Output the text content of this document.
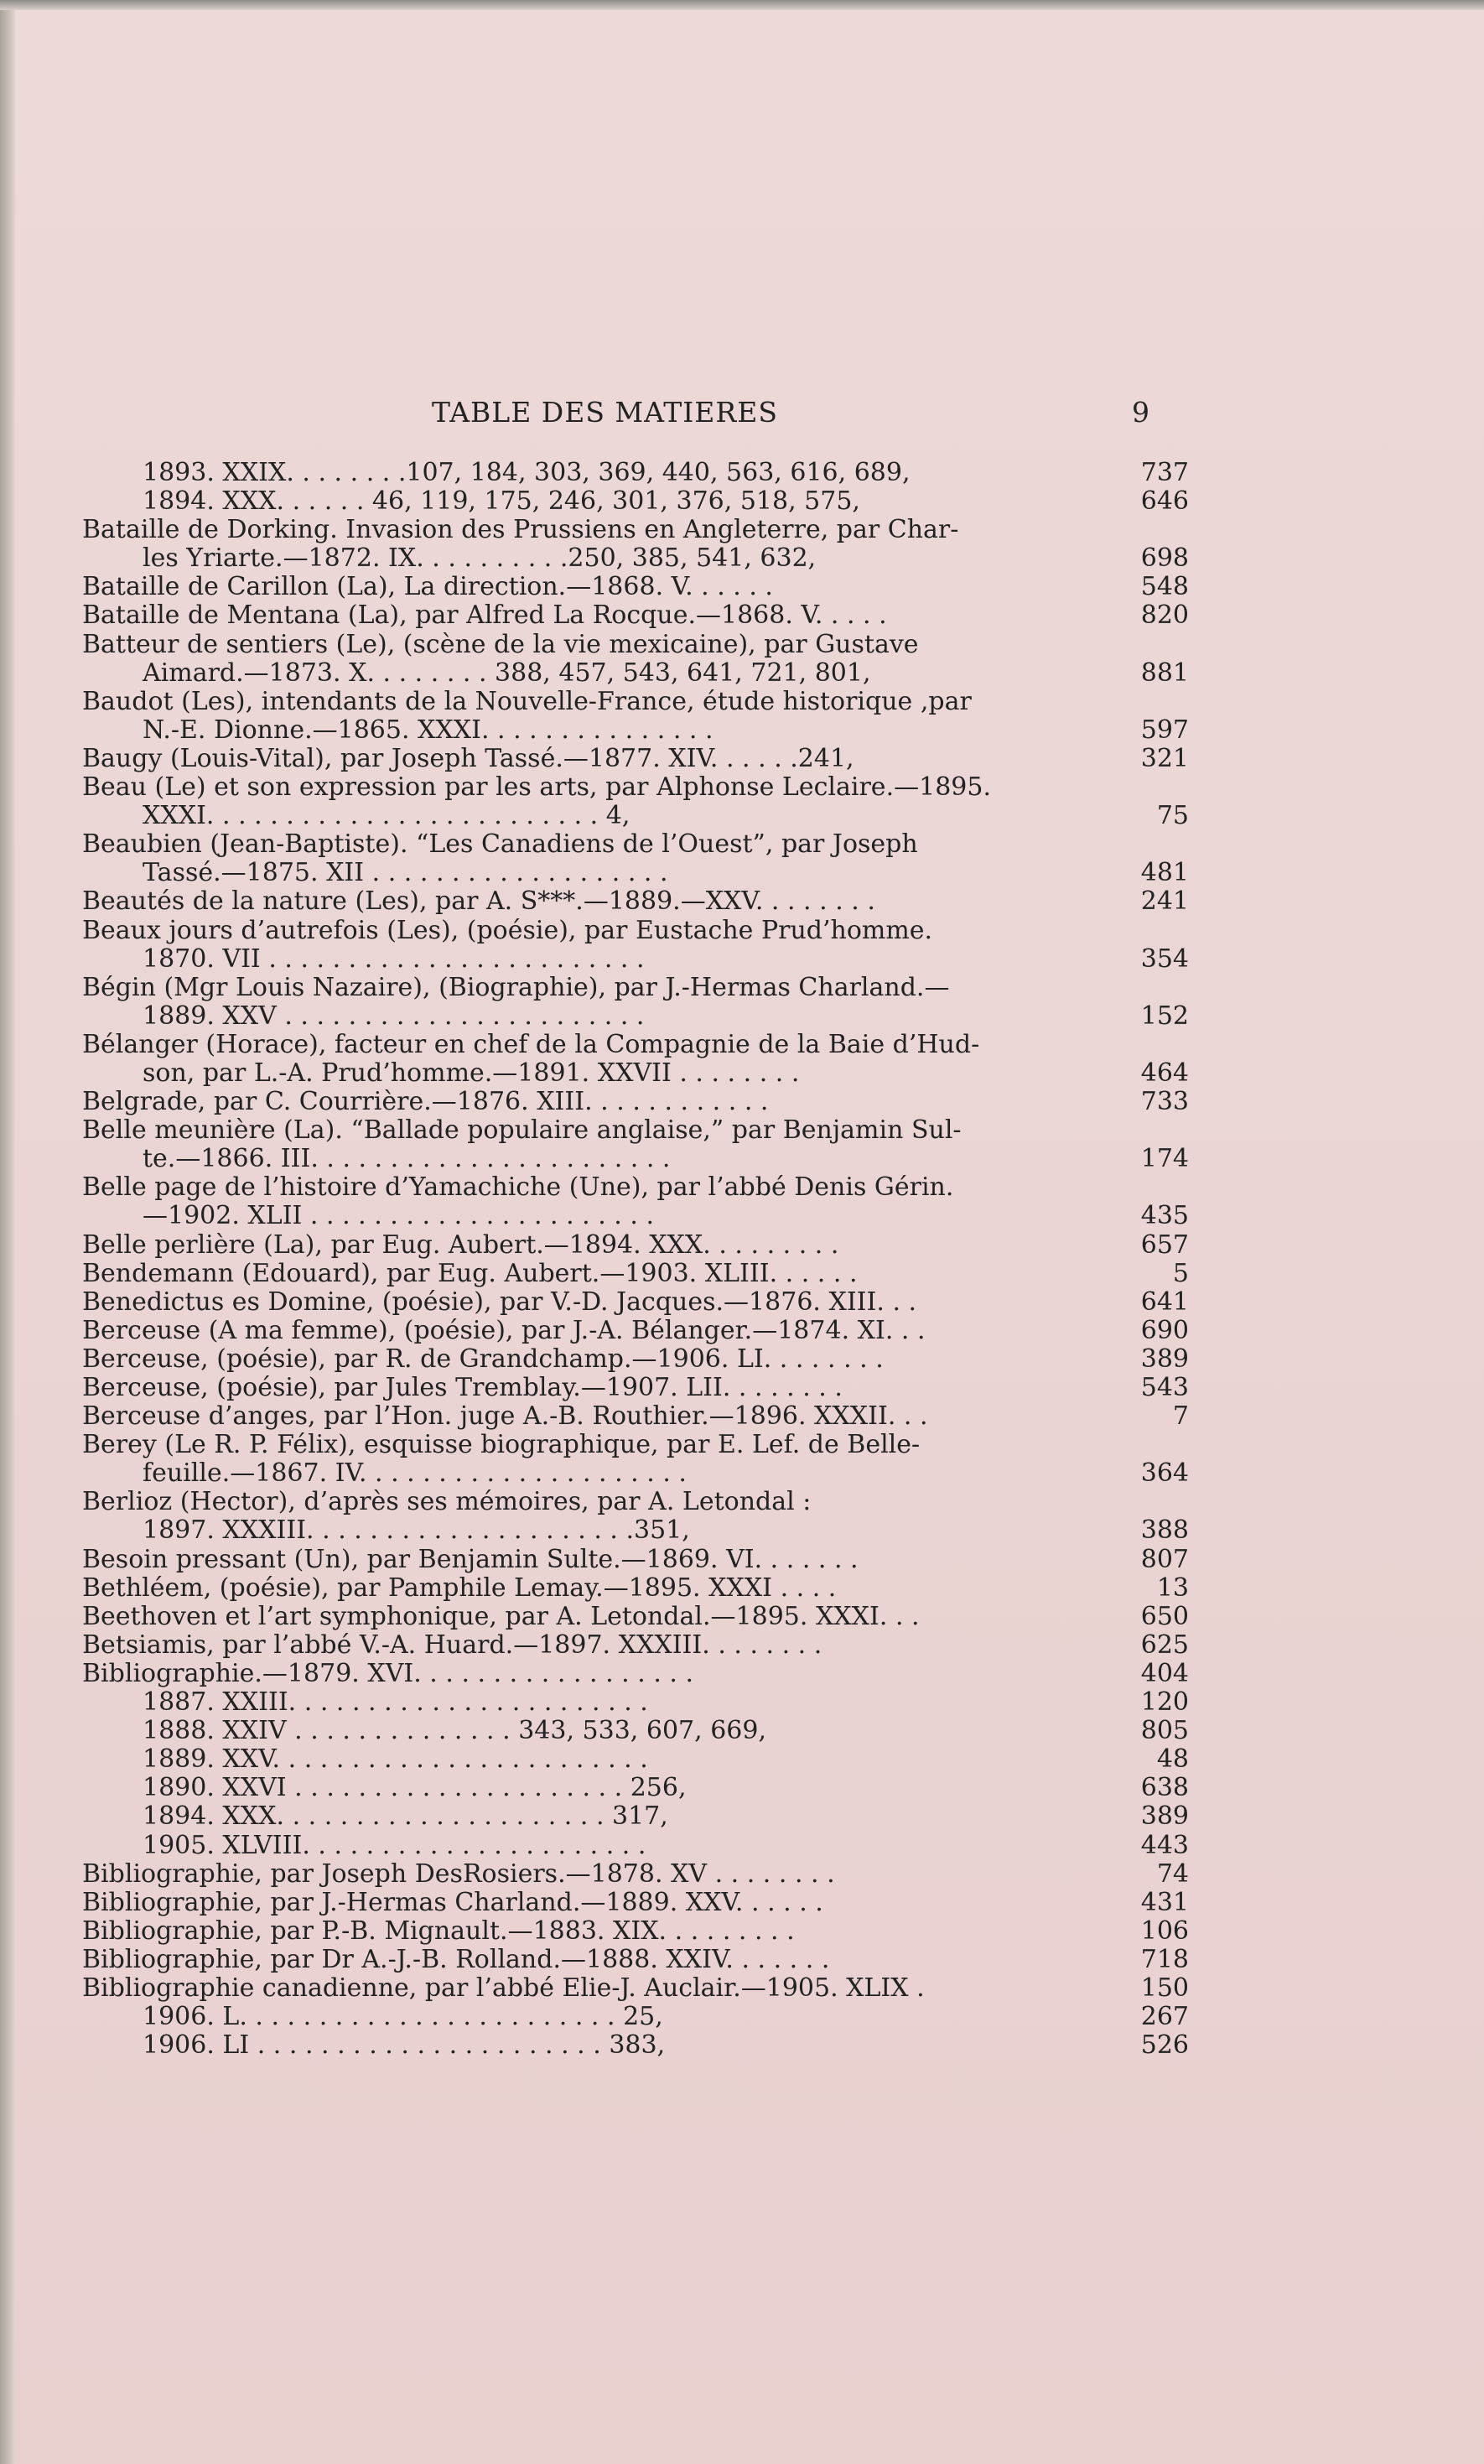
TABLE DES MATIERES	9
1893. XXIX. . . . . . . .107, 184, 303, 369, 440, 563, 616, 689,	737
1894. XXX. . . . . . 46, 119, 175, 246, 301, 376, 518, 575,	646
Bataille de Dorking. Invasion des Prussiens en Angleterre, par Char-
les Yriarte.—1872. IX. . . . . . . . . .250, 385, 541, 632,	698
Bataille de Carillon (La), La direction.—1868. V. . . . . .	548
Bataille de Mentana (La), par Alfred La Rocque.—1868. V. . . . .	820
Batteur de sentiers (Le), (scène de la vie mexicaine), par Gustave
Aimard.—1873. X. . . . . . . . 388, 457, 543, 641, 721, 801,	881
Baudot (Les), intendants de la Nouvelle-France, étude historique ,par
N.-E. Dionne.—1865. XXXI. . . . . . . . . . . . . . .	597
Baugy (Louis-Vital), par Joseph Tassé.—1877. XIV. . . . . .241,	321
Beau (Le) et son expression par les arts, par Alphonse Leclaire.—1895.
XXXI. . . . . . . . . . . . . . . . . . . . . . . . . 4,	75
Beaubien (Jean-Baptiste). “Les Canadiens de l’Ouest”, par Joseph
Tassé.—1875. XII . . . . . . . . . . . . . . . . . . .	481
Beautés de la nature (Les), par A. S***.—1889.—XXV. . . . . . . .	241
Beaux jours d’autrefois (Les), (poésie), par Eustache Prud’homme.
1870. VII . . . . . . . . . . . . . . . . . . . . . . . .	354
Bégin (Mgr Louis Nazaire), (Biographie), par J.-Hermas Charland.—
1889. XXV . . . . . . . . . . . . . . . . . . . . . . .	152
Bélanger (Horace), facteur en chef de la Compagnie de la Baie d’Hud-
son, par L.-A. Prud’homme.—1891. XXVII . . . . . . . .	464
Belgrade, par C. Courrière.—1876. XIII. . . . . . . . . . . .	733
Belle meunière (La). “Ballade populaire anglaise,” par Benjamin Sul-
te.—1866. III. . . . . . . . . . . . . . . . . . . . . . .	174
Belle page de l’histoire d’Yamachiche (Une), par l’abbé Denis Gérin.
—1902. XLII . . . . . . . . . . . . . . . . . . . . . .	435
Belle perlière (La), par Eug. Aubert.—1894. XXX. . . . . . . . .	657
Bendemann (Edouard), par Eug. Aubert.—1903. XLIII. . . . . .	5
Benedictus es Domine, (poésie), par V.-D. Jacques.—1876. XIII. . .	641
Berceuse (A ma femme), (poésie), par J.-A. Bélanger.—1874. XI. . .	690
Berceuse, (poésie), par R. de Grandchamp.—1906. LI. . . . . . . .	389
Berceuse, (poésie), par Jules Tremblay.—1907. LII. . . . . . . .	543
Berceuse d’anges, par l’Hon. juge A.-B. Routhier.—1896. XXXII. . .	7
Berey (Le R. P. Félix), esquisse biographique, par E. Lef. de Belle-
feuille.—1867. IV. . . . . . . . . . . . . . . . . . . . .	364
Berlioz (Hector), d’après ses mémoires, par A. Letondal :
1897. XXXIII. . . . . . . . . . . . . . . . . . . . .351,	388
Besoin pressant (Un), par Benjamin Sulte.—1869. VI. . . . . . .	807
Bethléem, (poésie), par Pamphile Lemay.—1895. XXXI . . . .	13
Beethoven et l’art symphonique, par A. Letondal.—1895. XXXI. . .	650
Betsiamis, par l’abbé V.-A. Huard.—1897. XXXIII. . . . . . . .	625
Bibliographie.—1879. XVI. . . . . . . . . . . . . . . . . .	404
1887. XXIII. . . . . . . . . . . . . . . . . . . . . . .	120
1888. XXIV . . . . . . . . . . . . . . 343, 533, 607, 669,	805
1889. XXV. . . . . . . . . . . . . . . . . . . . . . . .	48
1890. XXVI . . . . . . . . . . . . . . . . . . . . . 256,	638
1894. XXX. . . . . . . . . . . . . . . . . . . . . 317,	389
1905. XLVIII. . . . . . . . . . . . . . . . . . . . . .	443
Bibliographie, par Joseph DesRosiers.—1878. XV . . . . . . . .	74
Bibliographie, par J.-Hermas Charland.—1889. XXV. . . . . .	431
Bibliographie, par P.-B. Mignault.—1883. XIX. . . . . . . . .	106
Bibliographie, par Dr A.-J.-B. Rolland.—1888. XXIV. . . . . . .	718
Bibliographie canadienne, par l’abbé Elie-J. Auclair.—1905. XLIX .	150
1906. L. . . . . . . . . . . . . . . . . . . . . . . . 25,	267
1906. LI . . . . . . . . . . . . . . . . . . . . . . 383,	526
